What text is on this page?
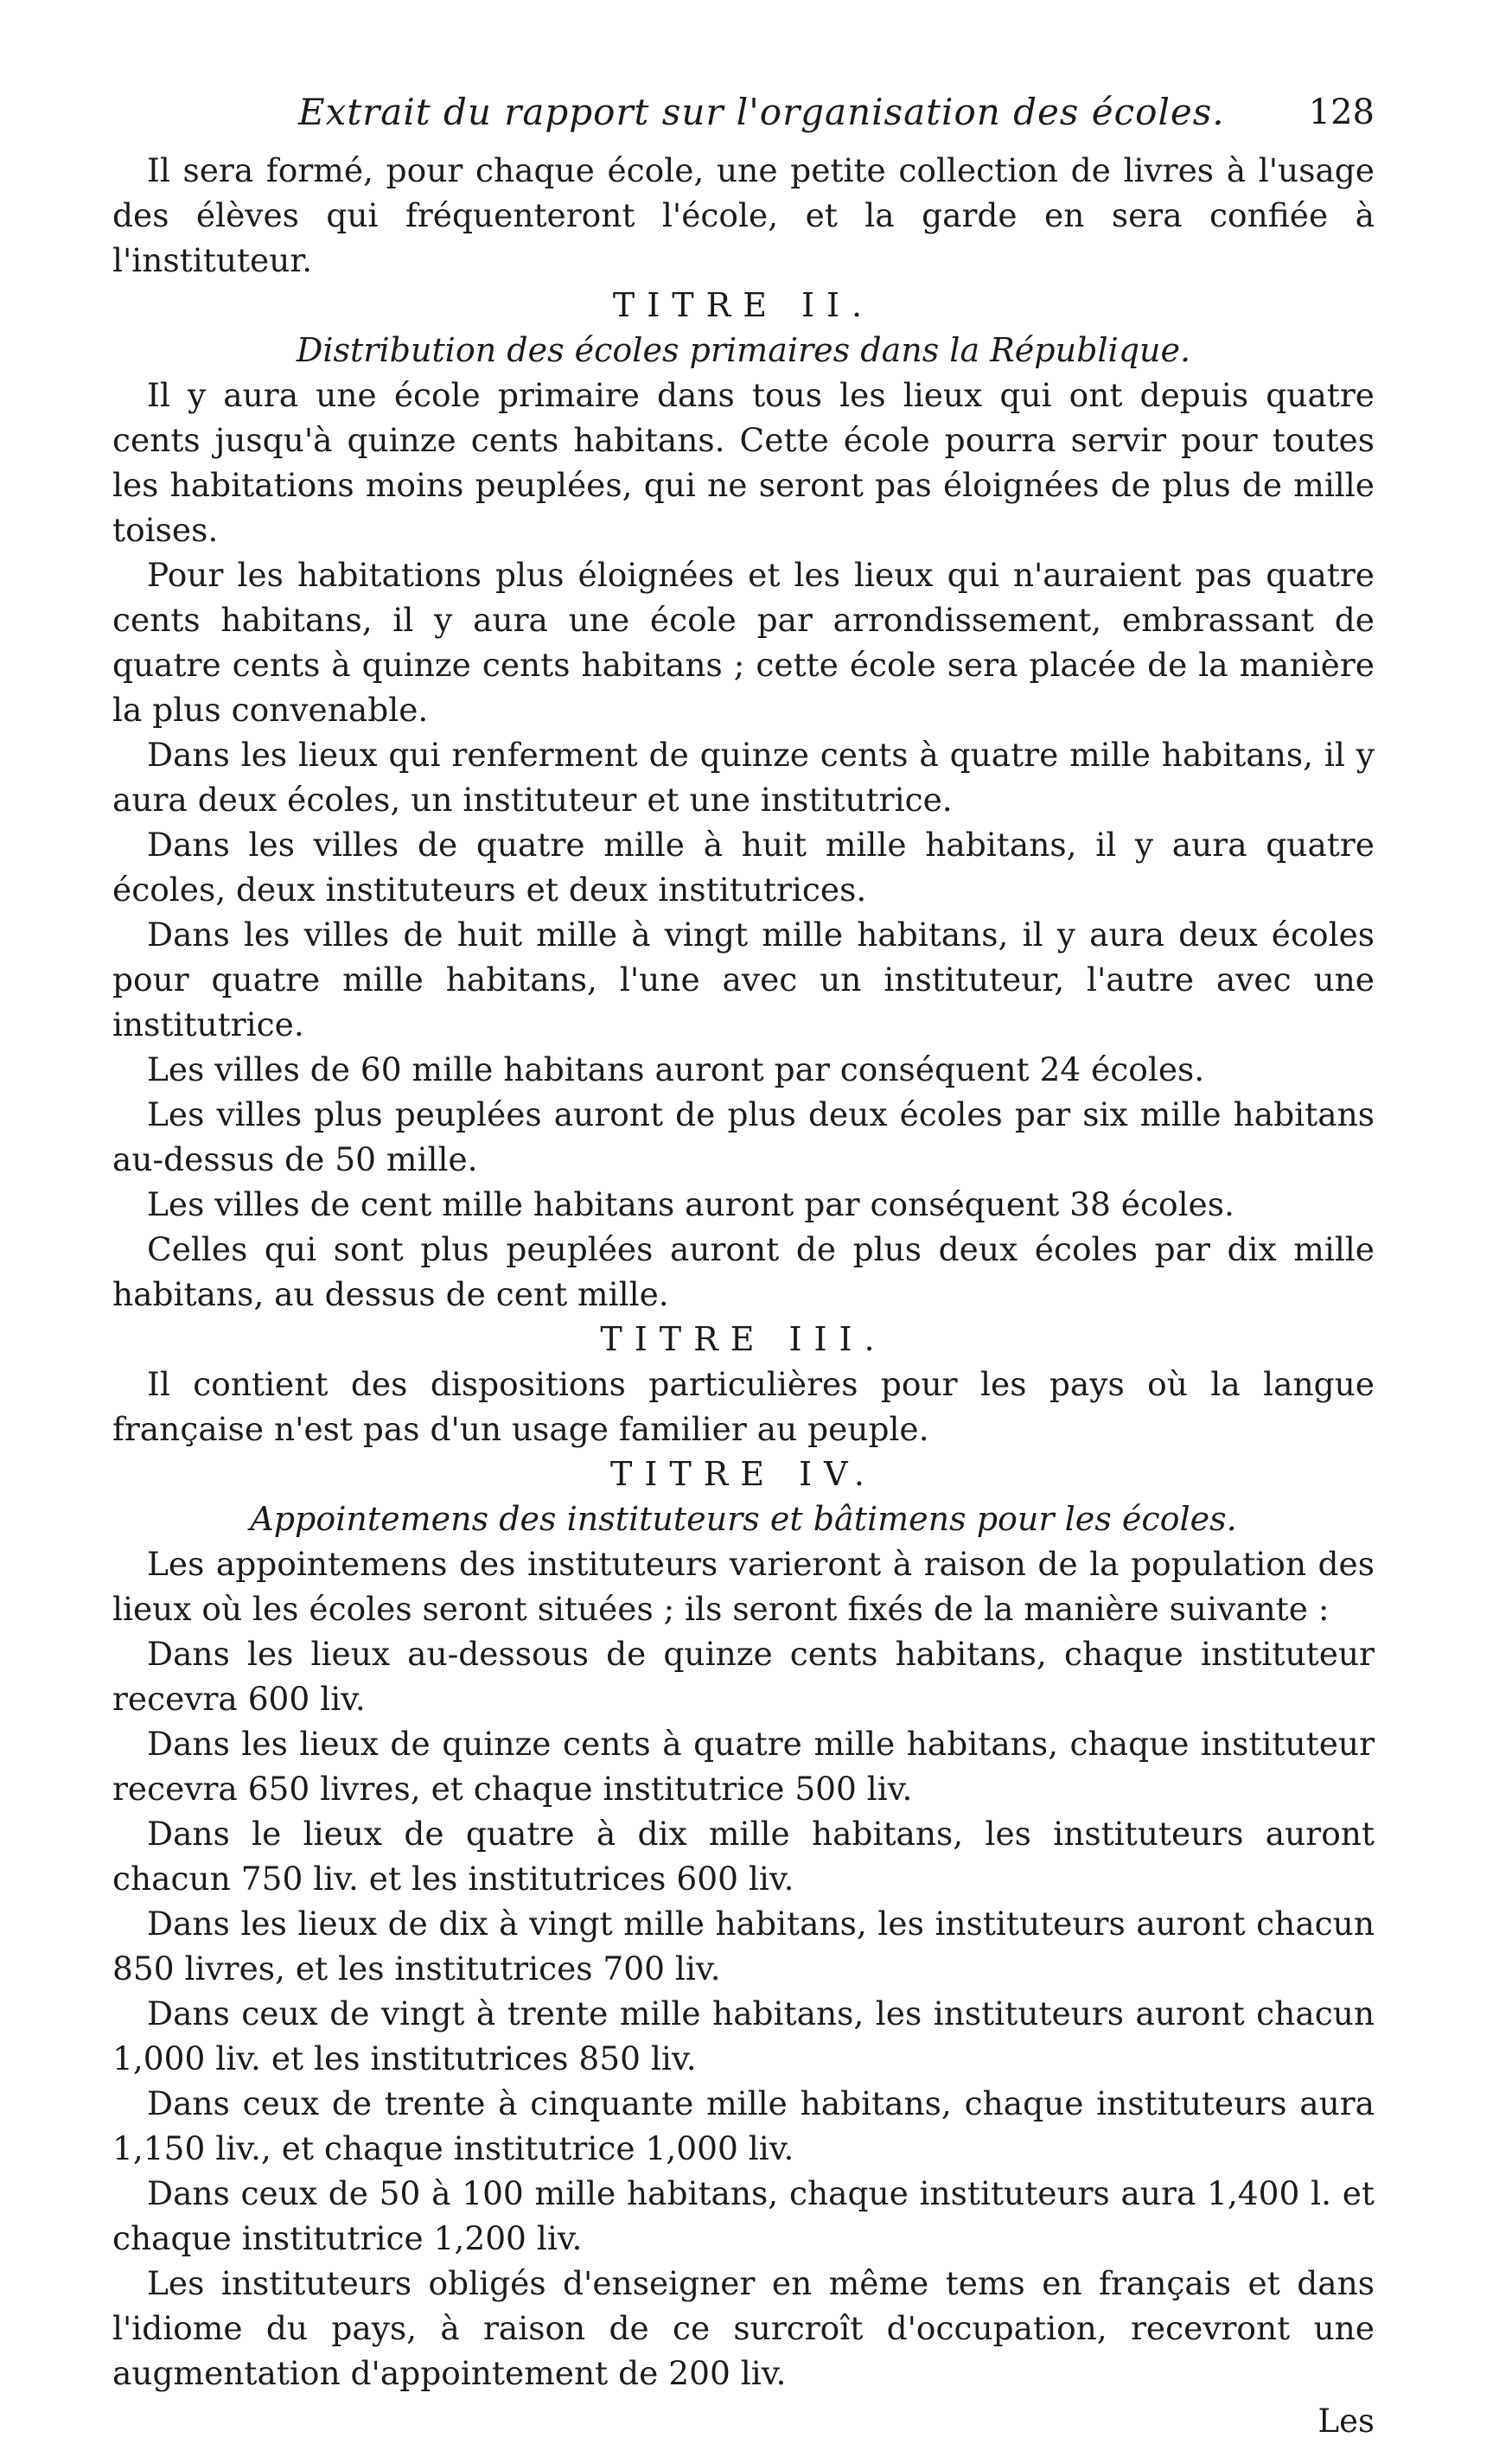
Extrait du rapport sur l'organisation des écoles. 128

Il sera formé, pour chaque école, une petite collection de livres à l'usage des élèves qui fréquenteront l'école, et la garde en sera confiée à l'instituteur.

TITRE II.

Distribution des écoles primaires dans la République.

Il y aura une école primaire dans tous les lieux qui ont depuis quatre cents jusqu'à quinze cents habitans. Cette école pourra servir pour toutes les habitations moins peuplées, qui ne seront pas éloignées de plus de mille toises.

Pour les habitations plus éloignées et les lieux qui n'auraient pas quatre cents habitans, il y aura une école par arrondissement, embrassant de quatre cents à quinze cents habitans ; cette école sera placée de la manière la plus convenable.

Dans les lieux qui renferment de quinze cents à quatre mille habitans, il y aura deux écoles, un instituteur et une institutrice.

Dans les villes de quatre mille à huit mille habitans, il y aura quatre écoles, deux instituteurs et deux institutrices.

Dans les villes de huit mille à vingt mille habitans, il y aura deux écoles pour quatre mille habitans, l'une avec un instituteur, l'autre avec une institutrice.

Les villes de 60 mille habitans auront par conséquent 24 écoles.

Les villes plus peuplées auront de plus deux écoles par six mille habitans au-dessus de 50 mille.

Les villes de cent mille habitans auront par conséquent 38 écoles.

Celles qui sont plus peuplées auront de plus deux écoles par dix mille habitans, au dessus de cent mille.

TITRE III.

Il contient des dispositions particulières pour les pays où la langue française n'est pas d'un usage familier au peuple.

TITRE IV.

Appointemens des instituteurs et bâtimens pour les écoles.

Les appointemens des instituteurs varieront à raison de la population des lieux où les écoles seront situées ; ils seront fixés de la manière suivante :

Dans les lieux au-dessous de quinze cents habitans, chaque instituteur recevra 600 liv.

Dans les lieux de quinze cents à quatre mille habitans, chaque instituteur recevra 650 livres, et chaque institutrice 500 liv.

Dans le lieux de quatre à dix mille habitans, les instituteurs auront chacun 750 liv. et les institutrices 600 liv.

Dans les lieux de dix à vingt mille habitans, les instituteurs auront chacun 850 livres, et les institutrices 700 liv.

Dans ceux de vingt à trente mille habitans, les instituteurs auront chacun 1,000 liv. et les institutrices 850 liv.

Dans ceux de trente à cinquante mille habitans, chaque instituteurs aura 1,150 liv., et chaque institutrice 1,000 liv.

Dans ceux de 50 à 100 mille habitans, chaque instituteurs aura 1,400 l. et chaque institutrice 1,200 liv.

Les instituteurs obligés d'enseigner en même tems en français et dans l'idiome du pays, à raison de ce surcroît d'occupation, recevront une augmentation d'appointement de 200 liv.

Les
